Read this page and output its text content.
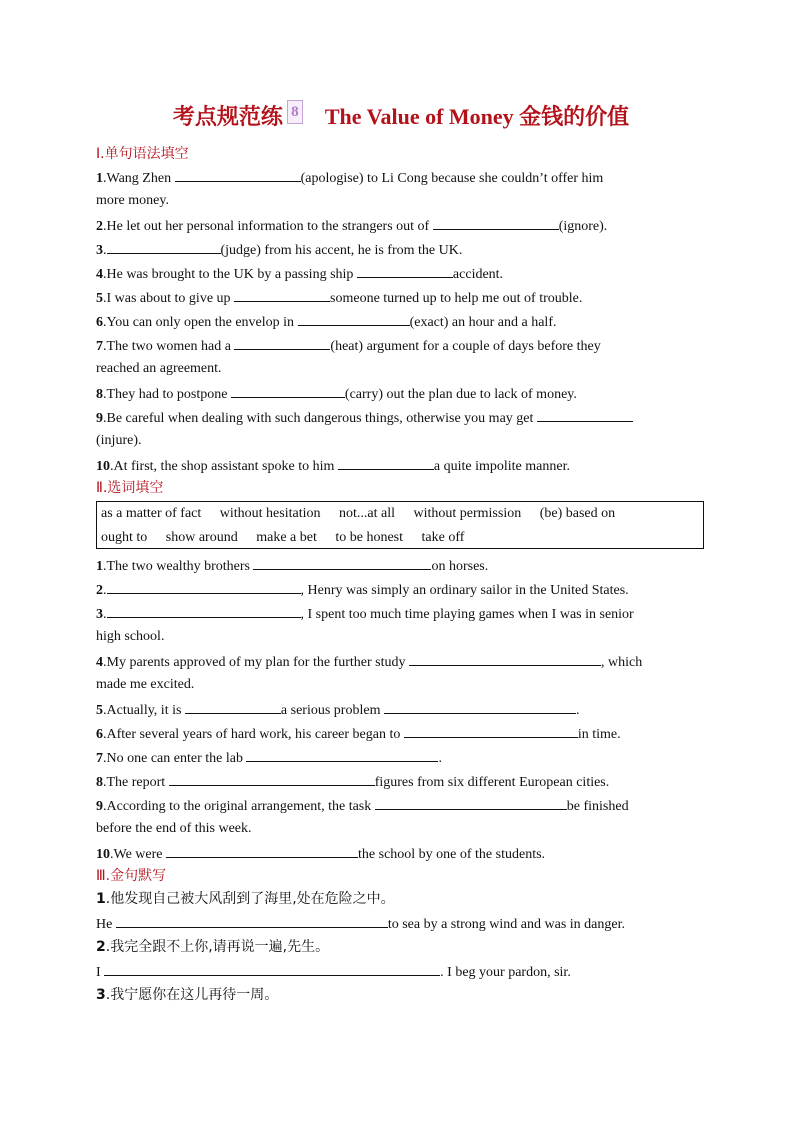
考点规范练 8 The Value of Money 金钱的价值
Ⅰ.单句语法填空
1.Wang Zhen	(apologise) to Li Cong because she couldn’t offer him
more money.
2.He let out her personal information to the strangers out of	(ignore).
3.	(judge) from his accent, he is from the UK.
4.He was brought to the UK by a passing ship	accident.
5.I was about to give up	someone turned up to help me out of trouble.
6.You can only open the envelop in	(exact) an hour and a half.
7.The two women had a	(heat) argument for a couple of days before they
reached an agreement.
8.They had to postpone	(carry) out the plan due to lack of money.
9.Be careful when dealing with such dangerous things, otherwise you may get
(injure).
10.At first, the shop assistant spoke to him	a quite impolite manner.
Ⅱ.选词填空
as a matter of fact without hesitation not...at all without permission (be) based on
ought to show around make a bet to be honest take off
1.The two wealthy brothers	on horses.
2.	, Henry was simply an ordinary sailor in the United States.
3.	, I spent too much time playing games when I was in senior
high school.
4.My parents approved of my plan for the further study	, which
made me excited.
5.Actually, it is	a serious problem	.
6.After several years of hard work, his career began to	in time.
7.No one can enter the lab	.
8.The report	figures from six different European cities.
9.According to the original arrangement, the task	be finished
before the end of this week.
10.We were	the school by one of the students.
Ⅲ.金句默写
1.他发现自己被大风刮到了海里,处在危险之中。
He	to sea by a strong wind and was in danger.
2.我完全跟不上你,请再说一遍,先生。
I	. I beg your pardon, sir.
3.我宁愿你在这儿再待一周。
